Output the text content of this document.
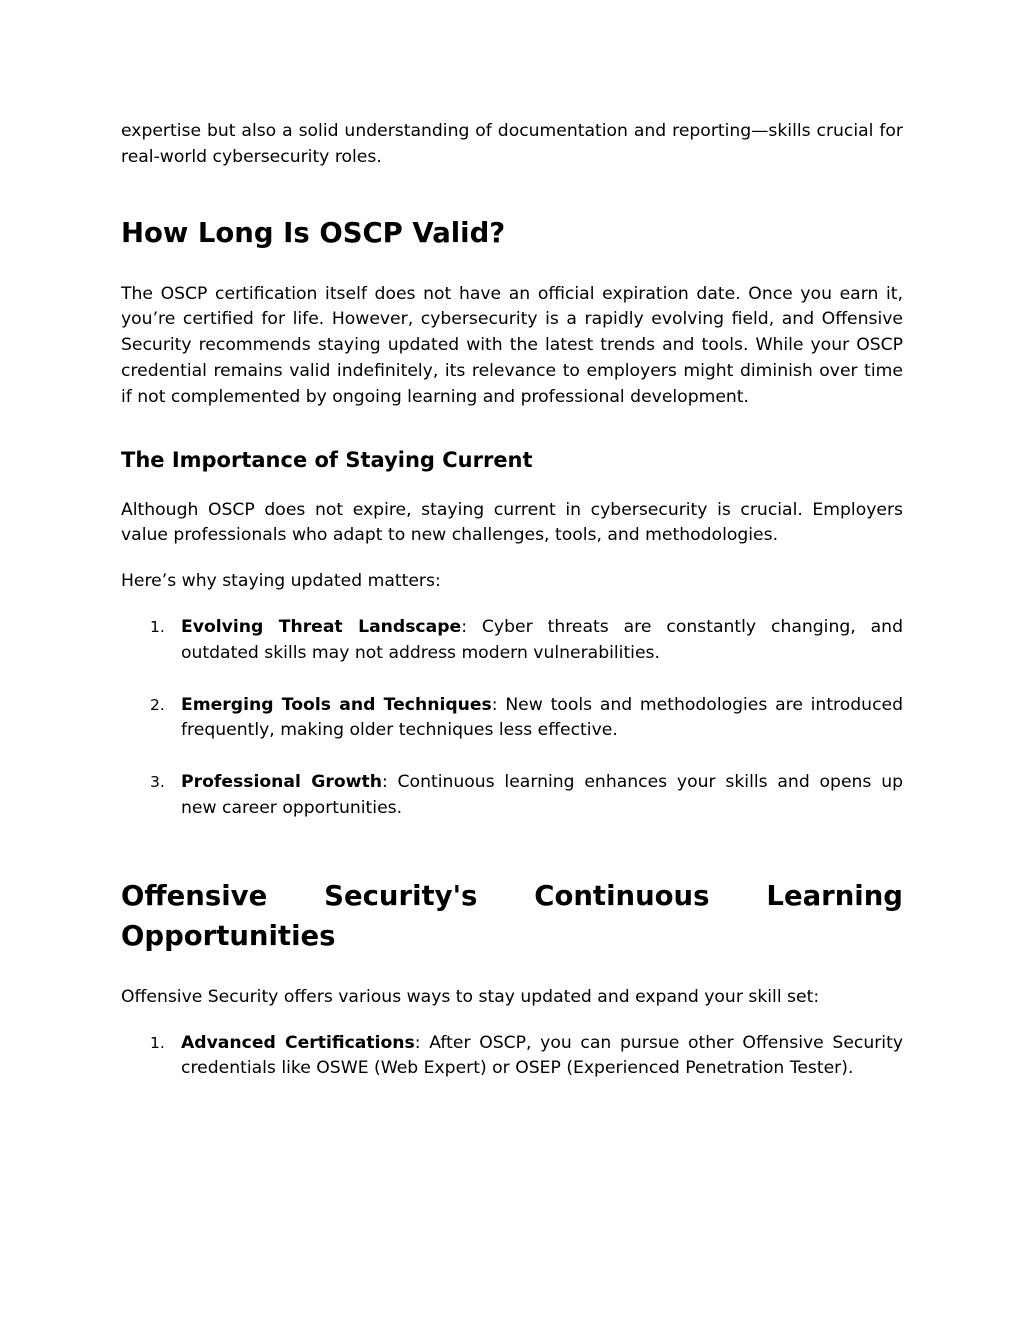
expertise but also a solid understanding of documentation and reporting—skills crucial for real-world cybersecurity roles.

How Long Is OSCP Valid?

The OSCP certification itself does not have an official expiration date. Once you earn it, you’re certified for life. However, cybersecurity is a rapidly evolving field, and Offensive Security recommends staying updated with the latest trends and tools. While your OSCP credential remains valid indefinitely, its relevance to employers might diminish over time if not complemented by ongoing learning and professional development.

The Importance of Staying Current

Although OSCP does not expire, staying current in cybersecurity is crucial. Employers value professionals who adapt to new challenges, tools, and methodologies.

Here’s why staying updated matters:

1. Evolving Threat Landscape: Cyber threats are constantly changing, and outdated skills may not address modern vulnerabilities.
2. Emerging Tools and Techniques: New tools and methodologies are introduced frequently, making older techniques less effective.
3. Professional Growth: Continuous learning enhances your skills and opens up new career opportunities.
Offensive Security's Continuous Learning Opportunities

Offensive Security offers various ways to stay updated and expand your skill set:

1. Advanced Certifications: After OSCP, you can pursue other Offensive Security credentials like OSWE (Web Expert) or OSEP (Experienced Penetration Tester).
